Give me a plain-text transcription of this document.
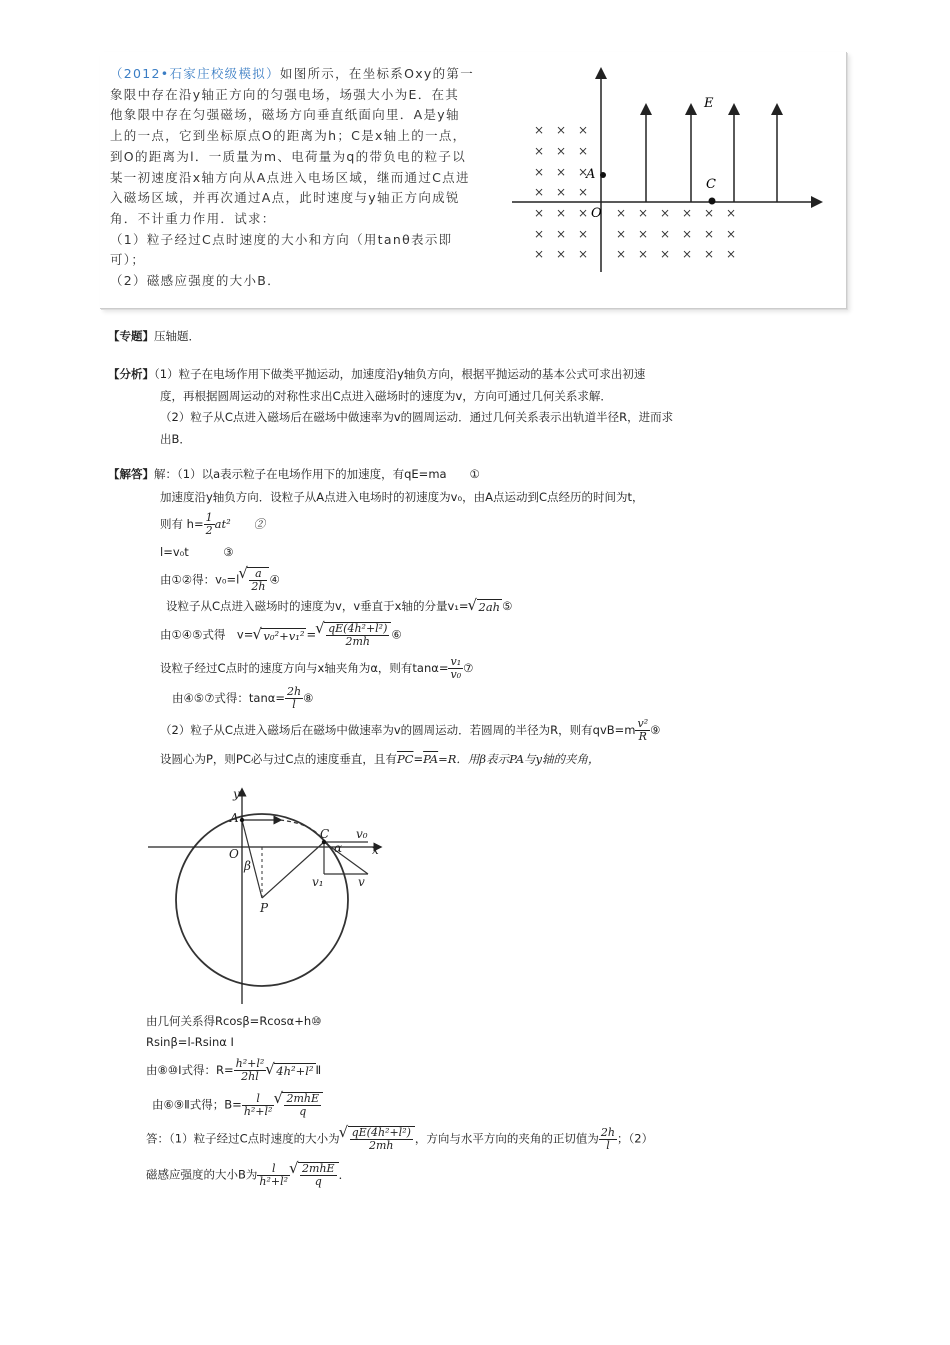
（2012•石家庄校级模拟）如图所示，在坐标系Oxy的第一

象限中存在沿y轴正方向的匀强电场，场强大小为E．在其

他象限中存在匀强磁场，磁场方向垂直纸面向里．A是y轴

上的一点，它到坐标原点O的距离为h；C是x轴上的一点，

到O的距离为l．一质量为m、电荷量为q的带负电的粒子以

某一初速度沿x轴方向从A点进入电场区域，继而通过C点进

入磁场区域，并再次通过A点，此时速度与y轴正方向成锐

角．不计重力作用．试求：

（1）粒子经过C点时速度的大小和方向（用tanθ表示即

可）；

（2）磁感应强度的大小B．

× × ×
× × ×
× × ×
× × ×
× × × × × × × × ×
× × × × × × × × ×
× × × × × × × × ×
E
A
O
C
【专题】压轴题．
【分析】（1）粒子在电场作用下做类平抛运动，加速度沿y轴负方向，根据平抛运动的基本公式可求出初速
度，再根据圆周运动的对称性求出C点进入磁场时的速度为v，方向可通过几何关系求解．
（2）粒子从C点进入磁场后在磁场中做速率为v的圆周运动．通过几何关系表示出轨道半径R，进而求
出B．
【解答】解：（1）以a表示粒子在电场作用下的加速度，有qE=ma　　①
加速度沿y轴负方向．设粒子从A点进入电场时的初速度为v₀，由A点运动到C点经历的时间为t，
则有 $h= \frac{1}{2} at^2$　　②
l=v₀t　　　③
由①②得：v₀=l √ $\frac{a}{2h}$ ④
设粒子从C点进入磁场时的速度为v，v垂直于x轴的分量v₁= √ 2ah ⑤
由①④⑤式得　v= √ v₀²+v₁² = √ $\frac{\text{qE(4h²+l²)}}{2mh}$ ⑥
设粒子经过C点时的速度方向与x轴夹角为α，则有$\tan\alpha= \frac{\text{v₁}}{\text{v₀}}$ ⑦
由④⑤⑦式得：$\tan\alpha= \frac{2h}{l}$ ⑧
（2）粒子从C点进入磁场后在磁场中做速率为v的圆周运动．若圆周的半径为R，则有$qvB=m \frac{\text{v²}}{R}$ ⑨
设圆心为P，则PC必与过C点的速度垂直，且有$\overline{PC}=\overline{PA}=R$．用β表示PA与y轴的夹角，
y
A
O
β
P
C
α
v₀
x
v₁	v
由几何关系得Rcosβ=Rcosα+h⑩
Rsinβ=l-Rsinα Ⅰ
由⑧⑩Ⅰ式得：$R= \frac{\text{h²+l²}}{2hl}$ √ 4h²+l² Ⅱ
由⑥⑨Ⅱ式得；$B= \frac{l}{\text{h²+l²}}$ √ $\frac{\text{2mhE}}{q}$
答：（1）粒子经过C点时速度的大小为 √ $\frac{\text{qE(4h²+l²)}}{2mh}$ ，方向与水平方向的夹角的正切值为 $\frac{2h}{l}$ ；（2）
磁感应强度的大小B为 $\frac{l}{\text{h²+l²}}$ √ $\frac{\text{2mhE}}{q}$ ．
